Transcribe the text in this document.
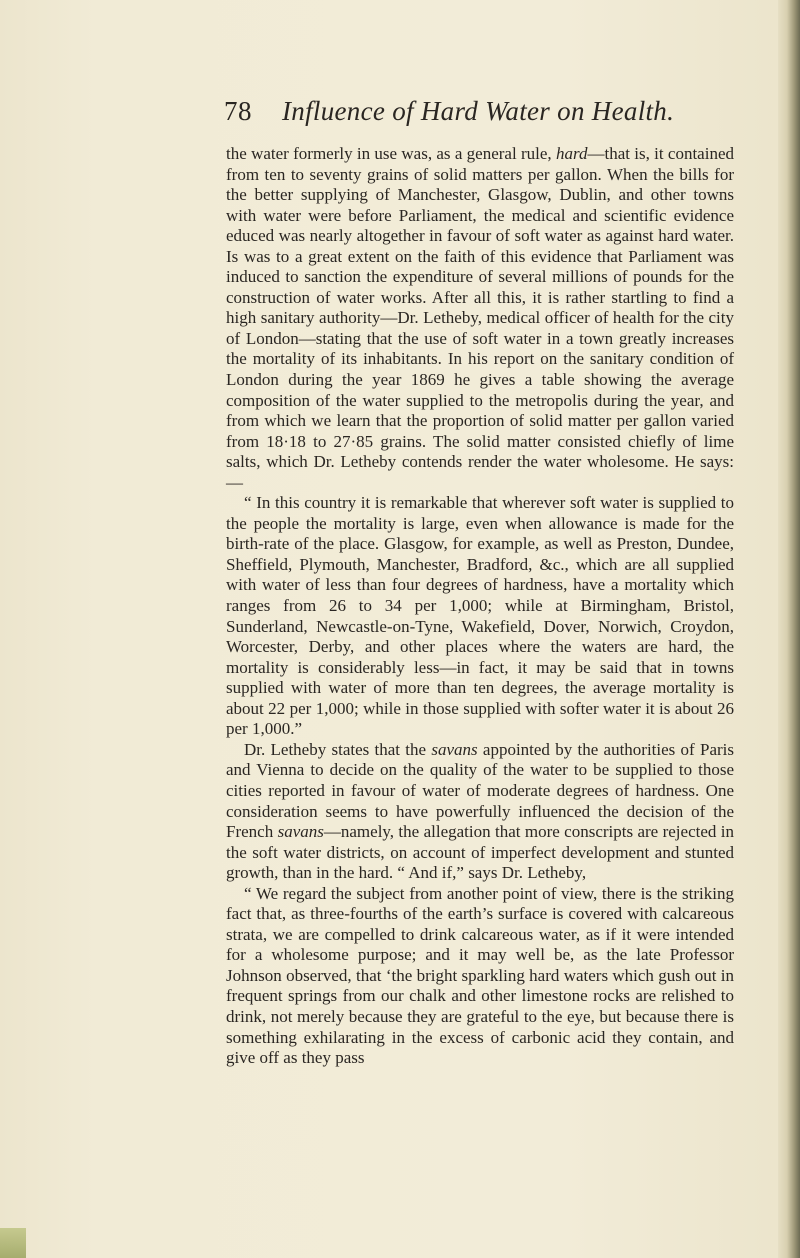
78 Influence of Hard Water on Health.

the water formerly in use was, as a general rule, hard—that is, it contained from ten to seventy grains of solid matters per gallon. When the bills for the better supplying of Manchester, Glasgow, Dublin, and other towns with water were before Parliament, the medical and scientific evidence educed was nearly altogether in favour of soft water as against hard water. Is was to a great extent on the faith of this evidence that Parliament was induced to sanction the expenditure of several millions of pounds for the construction of water works. After all this, it is rather startling to find a high sanitary authority—Dr. Letheby, medical officer of health for the city of London—stating that the use of soft water in a town greatly increases the mortality of its inhabitants. In his report on the sanitary condition of London during the year 1869 he gives a table showing the average composition of the water supplied to the metropolis during the year, and from which we learn that the proportion of solid matter per gallon varied from 18·18 to 27·85 grains. The solid matter consisted chiefly of lime salts, which Dr. Letheby contends render the water wholesome. He says:—

“ In this country it is remarkable that wherever soft water is supplied to the people the mortality is large, even when allowance is made for the birth-rate of the place. Glasgow, for example, as well as Preston, Dundee, Sheffield, Plymouth, Manchester, Bradford, &c., which are all supplied with water of less than four degrees of hardness, have a mortality which ranges from 26 to 34 per 1,000; while at Birmingham, Bristol, Sunderland, Newcastle-on-Tyne, Wakefield, Dover, Norwich, Croydon, Worcester, Derby, and other places where the waters are hard, the mortality is considerably less—in fact, it may be said that in towns supplied with water of more than ten degrees, the average mortality is about 22 per 1,000; while in those supplied with softer water it is about 26 per 1,000.”

Dr. Letheby states that the savans appointed by the authorities of Paris and Vienna to decide on the quality of the water to be supplied to those cities reported in favour of water of moderate degrees of hardness. One consideration seems to have powerfully influenced the decision of the French savans—namely, the allegation that more conscripts are rejected in the soft water districts, on account of imperfect development and stunted growth, than in the hard. “ And if,” says Dr. Letheby,

“ We regard the subject from another point of view, there is the striking fact that, as three-fourths of the earth’s surface is covered with calcareous strata, we are compelled to drink calcareous water, as if it were intended for a wholesome purpose; and it may well be, as the late Professor Johnson observed, that ‘the bright sparkling hard waters which gush out in frequent springs from our chalk and other limestone rocks are relished to drink, not merely because they are grateful to the eye, but because there is something exhilarating in the excess of carbonic acid they contain, and give off as they pass
